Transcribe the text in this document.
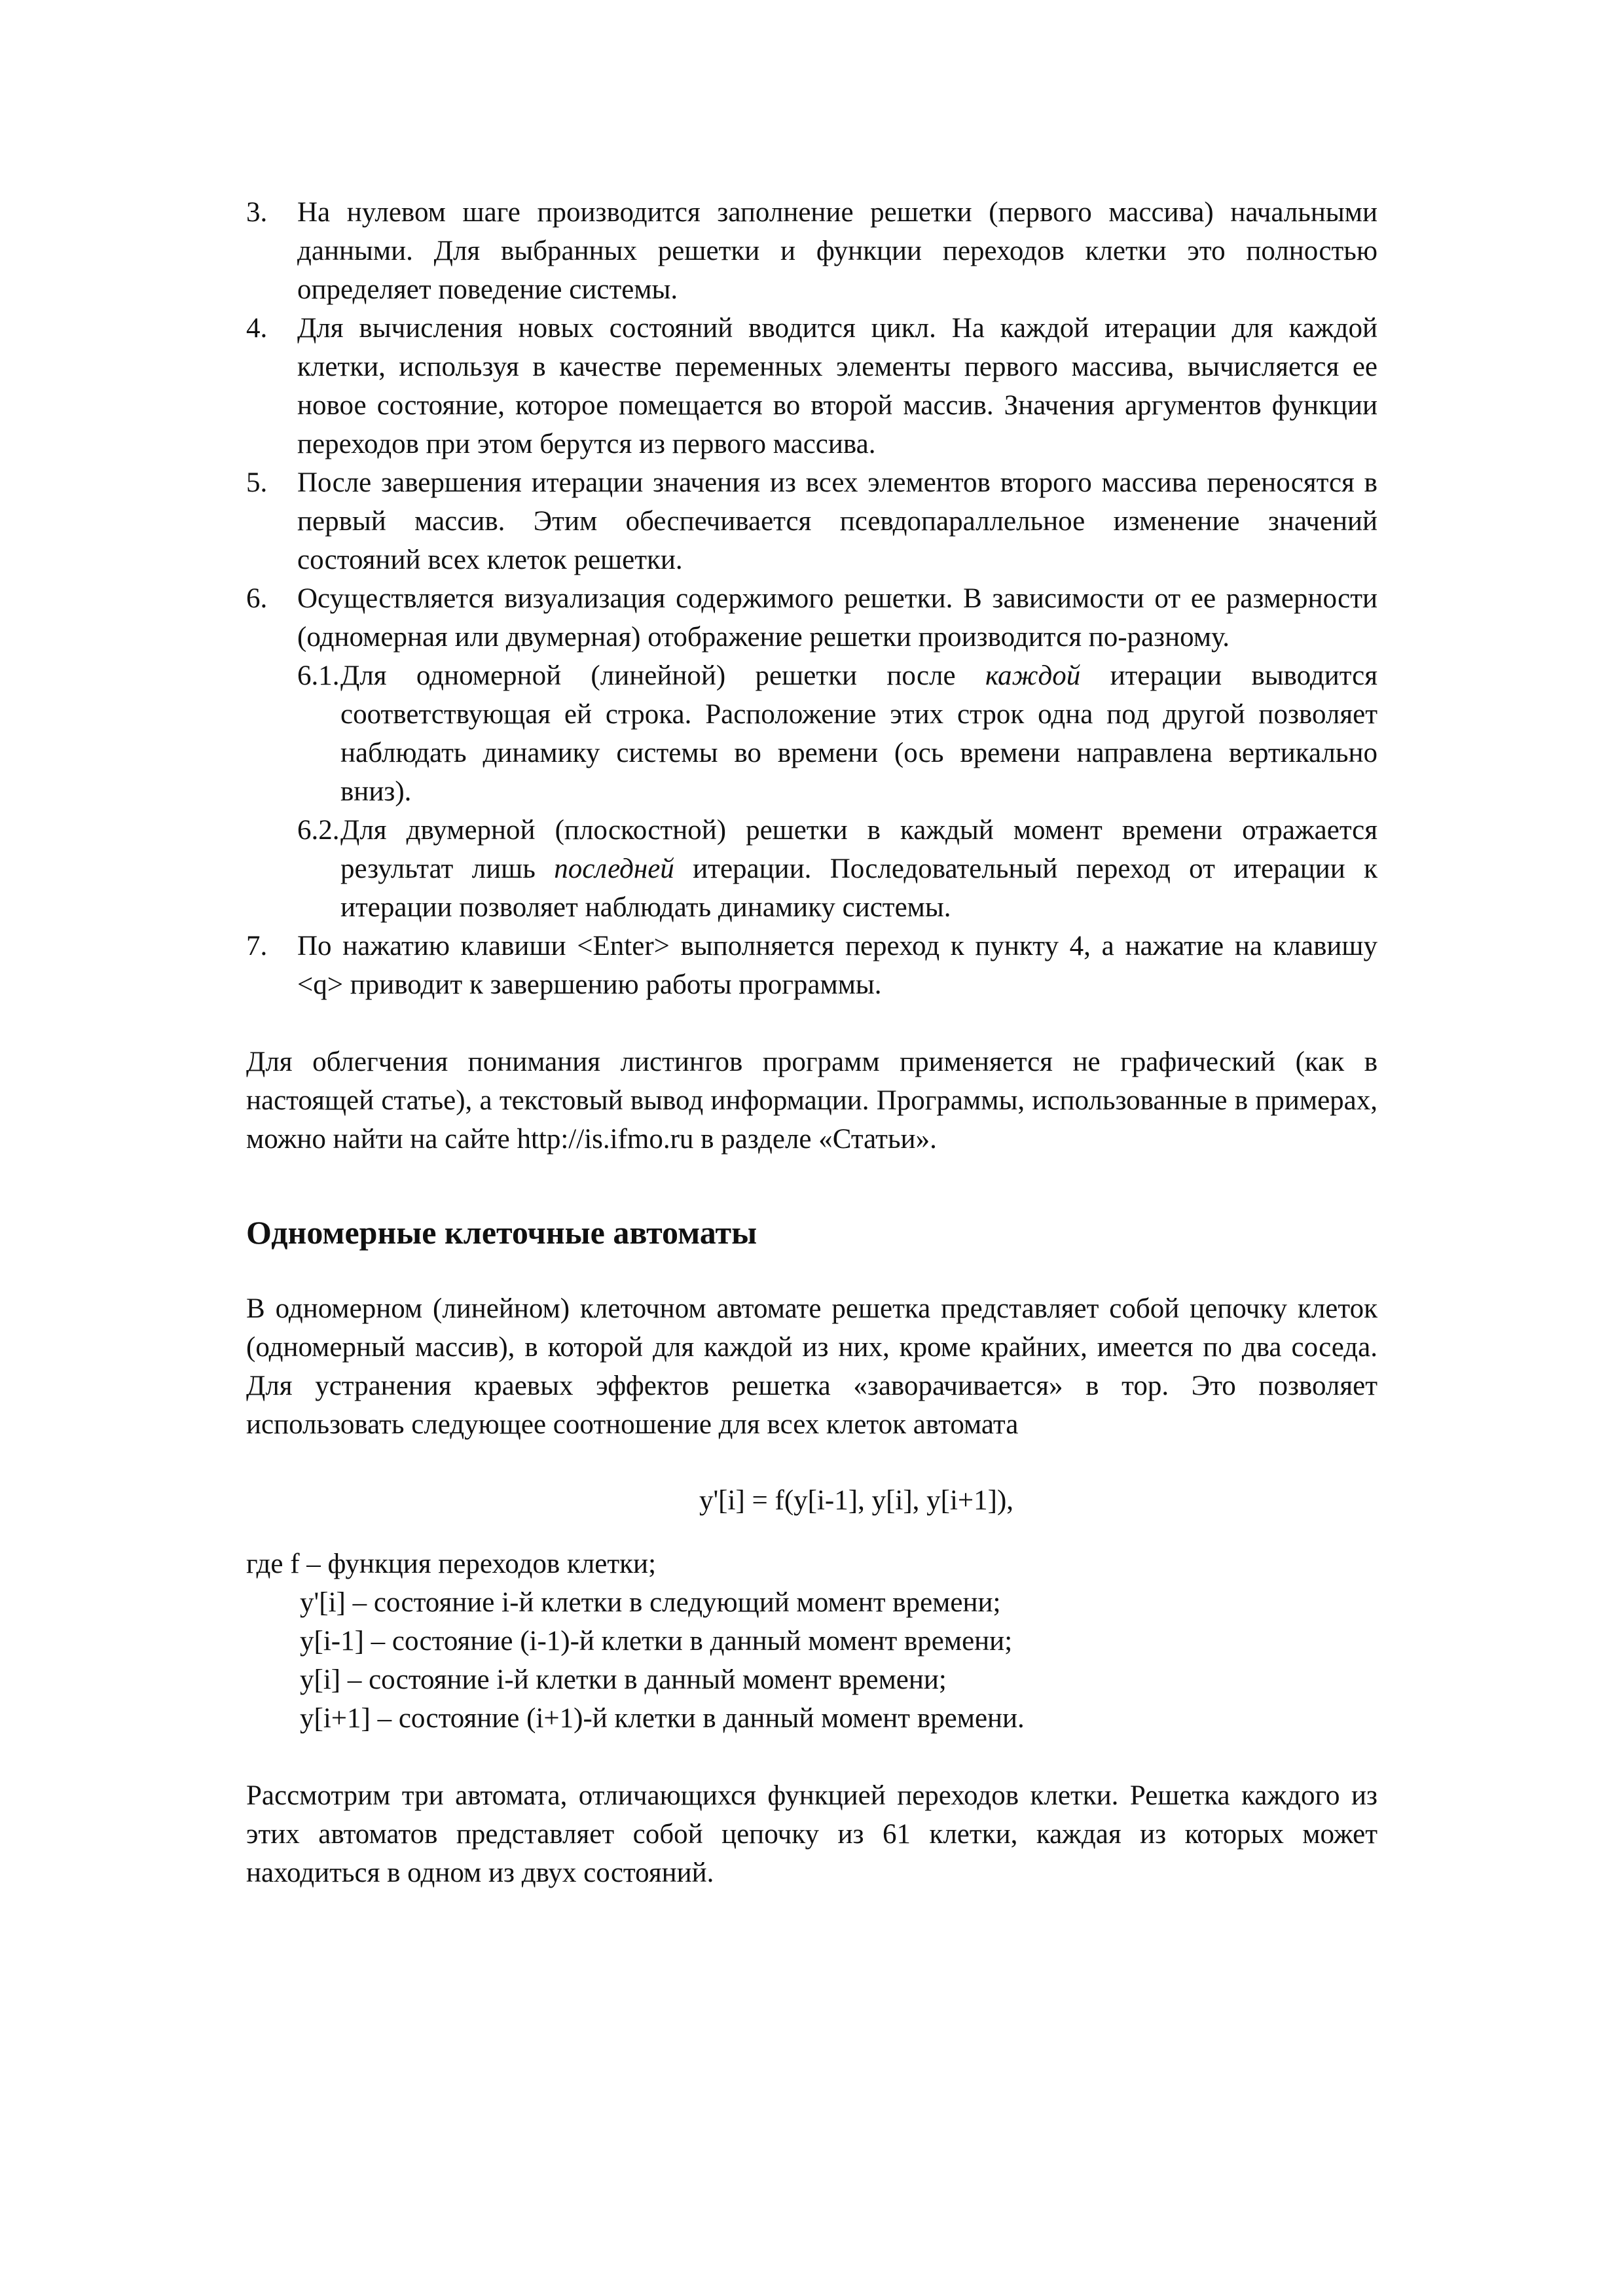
3. На нулевом шаге производится заполнение решетки (первого массива) начальными данными. Для выбранных решетки и функции переходов клетки это полностью определяет поведение системы.
4. Для вычисления новых состояний вводится цикл. На каждой итерации для каждой клетки, используя в качестве переменных элементы первого массива, вычисляется ее новое состояние, которое помещается во второй массив. Значения аргументов функции переходов при этом берутся из первого массива.
5. После завершения итерации значения из всех элементов второго массива переносятся в первый массив. Этим обеспечивается псевдопараллельное изменение значений состояний всех клеток решетки.
6. Осуществляется визуализация содержимого решетки. В зависимости от ее размерности (одномерная или двумерная) отображение решетки производится по-разному.
6.1. Для одномерной (линейной) решетки после каждой итерации выводится соответствующая ей строка. Расположение этих строк одна под другой позволяет наблюдать динамику системы во времени (ось времени направлена вертикально вниз).
6.2. Для двумерной (плоскостной) решетки в каждый момент времени отражается результат лишь последней итерации. Последовательный переход от итерации к итерации позволяет наблюдать динамику системы.
7. По нажатию клавиши <Enter> выполняется переход к пункту 4, а нажатие на клавишу <q> приводит к завершению работы программы.

Для облегчения понимания листингов программ применяется не графический (как в настоящей статье), а текстовый вывод информации. Программы, использованные в примерах, можно найти на сайте http://is.ifmo.ru в разделе «Статьи».

Одномерные клеточные автоматы

В одномерном (линейном) клеточном автомате решетка представляет собой цепочку клеток (одномерный массив), в которой для каждой из них, кроме крайних, имеется по два соседа. Для устранения краевых эффектов решетка «заворачивается» в тор. Это позволяет использовать следующее соотношение для всех клеток автомата

y'[i] = f(y[i-1], y[i], y[i+1]),
где f – функция переходов клетки;
y'[i] – состояние i-й клетки в следующий момент времени;
y[i-1] – состояние (i-1)-й клетки в данный момент времени;
y[i] – состояние i-й клетки в данный момент времени;
y[i+1] – состояние (i+1)-й клетки в данный момент времени.

Рассмотрим три автомата, отличающихся функцией переходов клетки. Решетка каждого из этих автоматов представляет собой цепочку из 61 клетки, каждая из которых может находиться в одном из двух состояний.
